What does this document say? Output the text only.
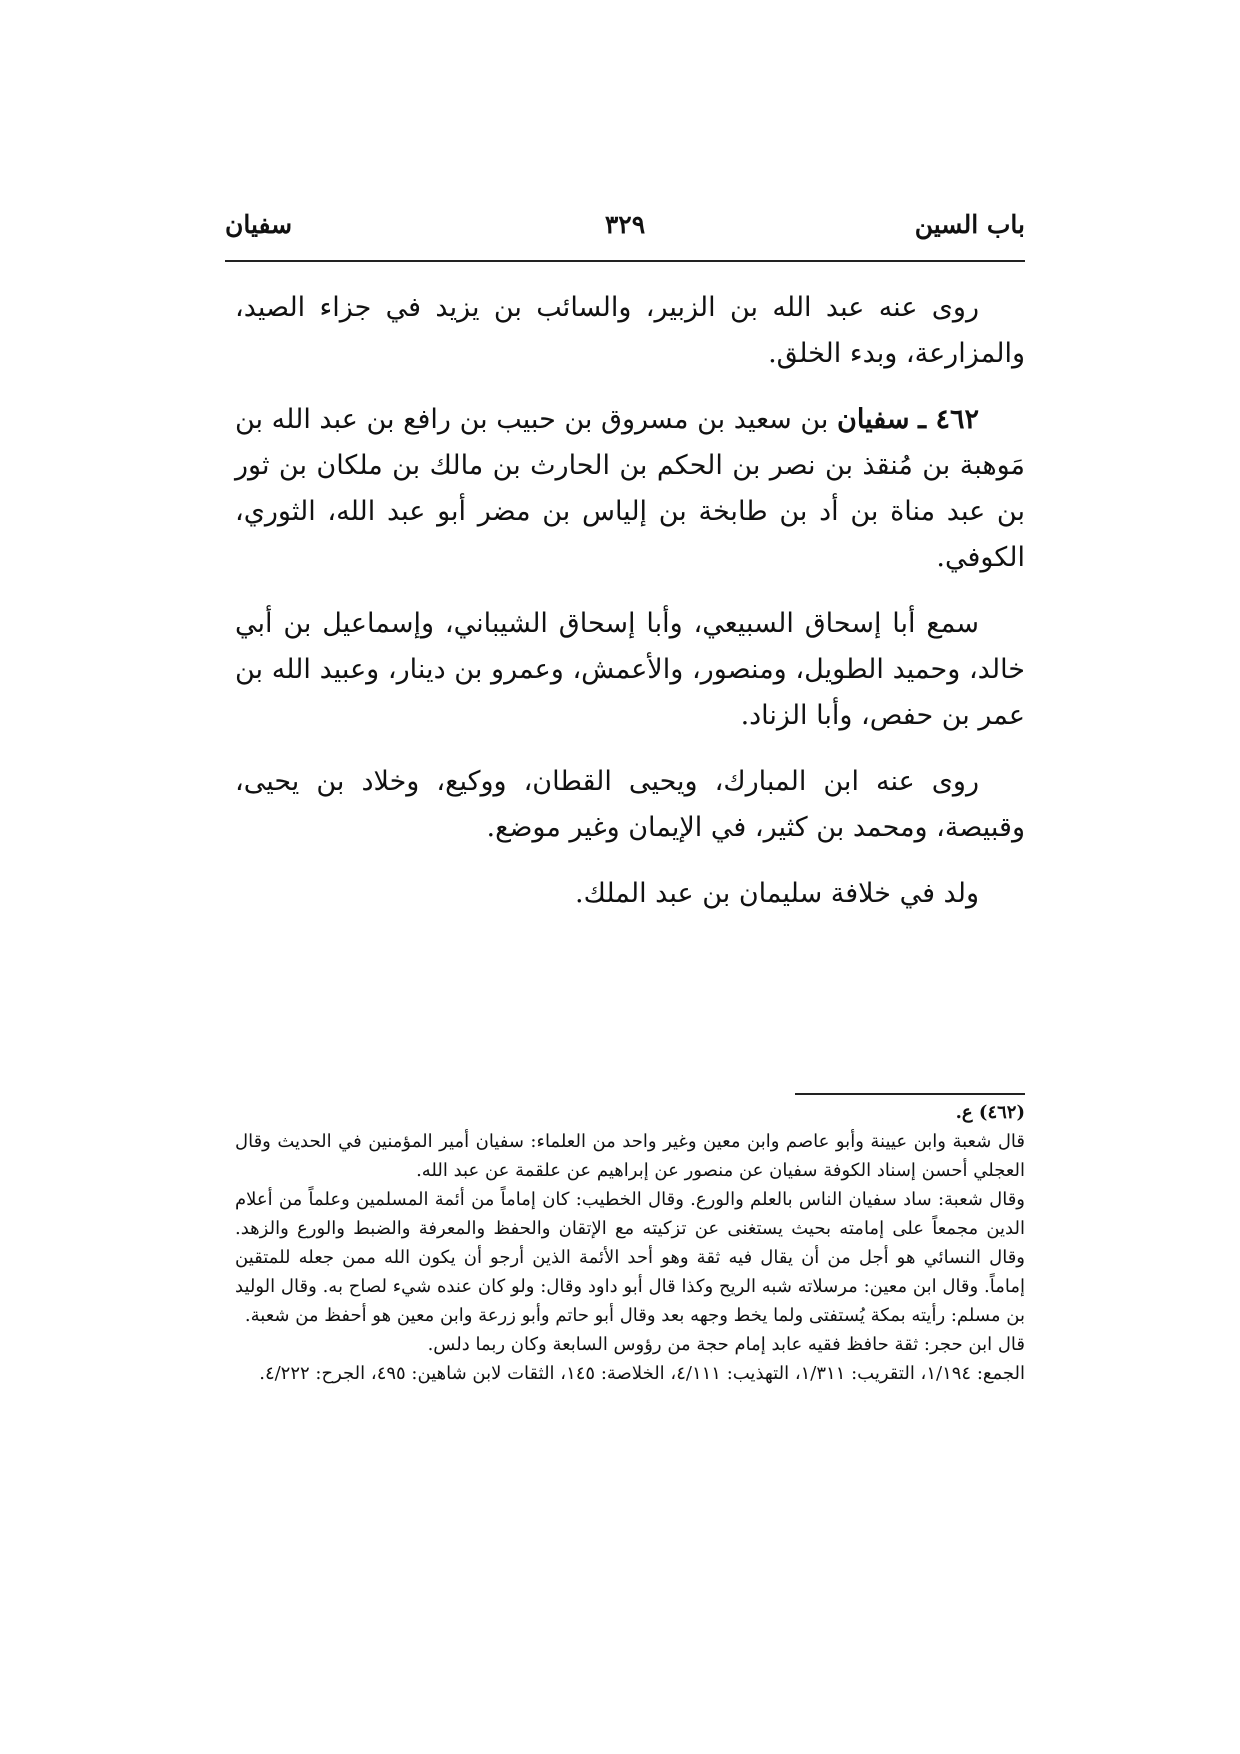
باب السين
٣٢٩
سفيان

روى عنه عبد الله بن الزبير، والسائب بن يزيد في جزاء الصيد، والمزارعة، وبدء الخلق.

٤٦٢ ـ سفيان بن سعيد بن مسروق بن حبيب بن رافع بن عبد الله بن مَوهبة بن مُنقذ بن نصر بن الحكم بن الحارث بن مالك بن ملكان بن ثور بن عبد مناة بن أد بن طابخة بن إلياس بن مضر أبو عبد الله، الثوري، الكوفي.

سمع أبا إسحاق السبيعي، وأبا إسحاق الشيباني، وإسماعيل بن أبي خالد، وحميد الطويل، ومنصور، والأعمش، وعمرو بن دينار، وعبيد الله بن عمر بن حفص، وأبا الزناد.

روى عنه ابن المبارك، ويحيى القطان، ووكيع، وخلاد بن يحيى، وقبيصة، ومحمد بن كثير، في الإيمان وغير موضع.

ولد في خلافة سليمان بن عبد الملك.

(٤٦٢) ع.

قال شعبة وابن عيينة وأبو عاصم وابن معين وغير واحد من العلماء: سفيان أمير المؤمنين في الحديث وقال العجلي أحسن إسناد الكوفة سفيان عن منصور عن إبراهيم عن علقمة عن عبد الله.

وقال شعبة: ساد سفيان الناس بالعلم والورع. وقال الخطيب: كان إماماً من أئمة المسلمين وعلماً من أعلام الدين مجمعاً على إمامته بحيث يستغنى عن تزكيته مع الإتقان والحفظ والمعرفة والضبط والورع والزهد. وقال النسائي هو أجل من أن يقال فيه ثقة وهو أحد الأئمة الذين أرجو أن يكون الله ممن جعله للمتقين إماماً. وقال ابن معين: مرسلاته شبه الريح وكذا قال أبو داود وقال: ولو كان عنده شيء لصاح به. وقال الوليد بن مسلم: رأيته بمكة يُستفتى ولما يخط وجهه بعد وقال أبو حاتم وأبو زرعة وابن معين هو أحفظ من شعبة.

قال ابن حجر: ثقة حافظ فقيه عابد إمام حجة من رؤوس السابعة وكان ربما دلس.

الجمع: ١/١٩٤، التقريب: ١/٣١١، التهذيب: ٤/١١١، الخلاصة: ١٤٥، الثقات لابن شاهين: ٤٩٥، الجرح: ٤/٢٢٢.
